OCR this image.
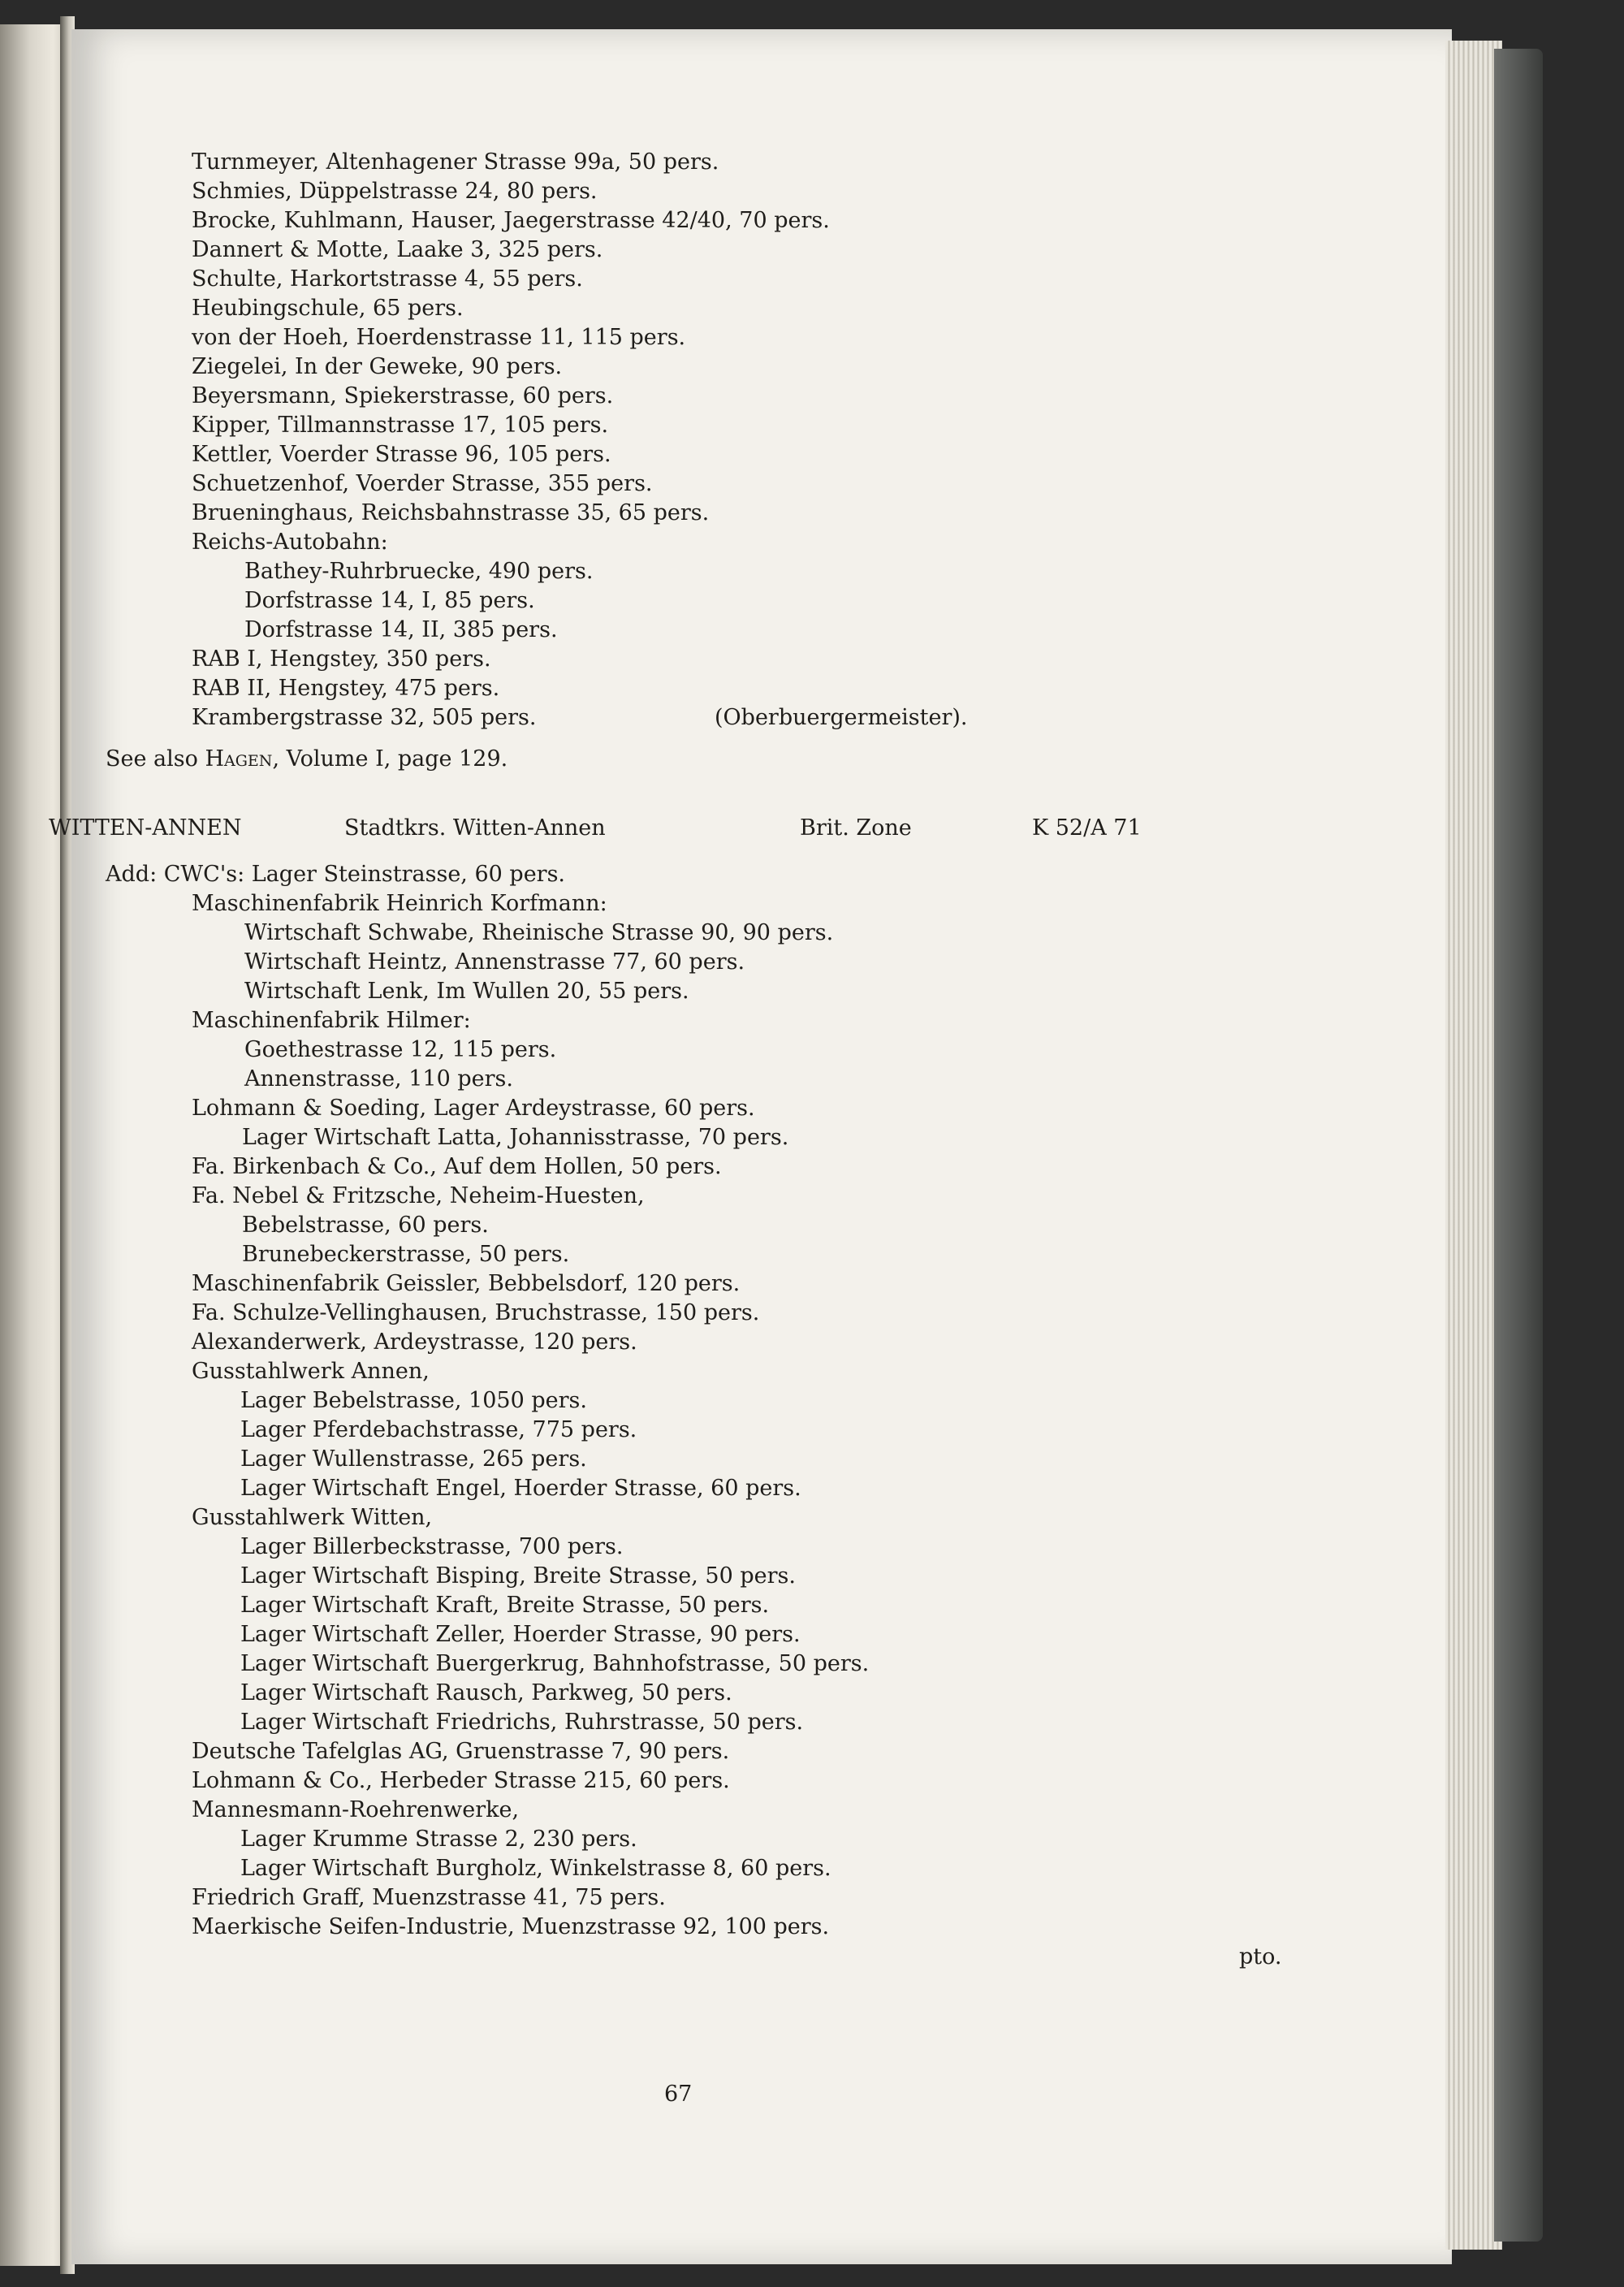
Turnmeyer, Altenhagener Strasse 99a, 50 pers.
Schmies, Düppelstrasse 24, 80 pers.
Brocke, Kuhlmann, Hauser, Jaegerstrasse 42/40, 70 pers.
Dannert & Motte, Laake 3, 325 pers.
Schulte, Harkortstrasse 4, 55 pers.
Heubingschule, 65 pers.
von der Hoeh, Hoerdenstrasse 11, 115 pers.
Ziegelei, In der Geweke, 90 pers.
Beyersmann, Spiekerstrasse, 60 pers.
Kipper, Tillmannstrasse 17, 105 pers.
Kettler, Voerder Strasse 96, 105 pers.
Schuetzenhof, Voerder Strasse, 355 pers.
Brueninghaus, Reichsbahnstrasse 35, 65 pers.
Reichs-Autobahn:
Bathey-Ruhrbruecke, 490 pers.
Dorfstrasse 14, I, 85 pers.
Dorfstrasse 14, II, 385 pers.
RAB I, Hengstey, 350 pers.
RAB II, Hengstey, 475 pers.
Krambergstrasse 32, 505 pers.	(Oberbuergermeister).
See also Hagen, Volume I, page 129.
WITTEN-ANNEN	Stadtkrs. Witten-Annen	Brit. Zone	K 52/A 71
Add: CWC's: Lager Steinstrasse, 60 pers.
Maschinenfabrik Heinrich Korfmann:
Wirtschaft Schwabe, Rheinische Strasse 90, 90 pers.
Wirtschaft Heintz, Annenstrasse 77, 60 pers.
Wirtschaft Lenk, Im Wullen 20, 55 pers.
Maschinenfabrik Hilmer:
Goethestrasse 12, 115 pers.
Annenstrasse, 110 pers.
Lohmann & Soeding, Lager Ardeystrasse, 60 pers.
Lager Wirtschaft Latta, Johannisstrasse, 70 pers.
Fa. Birkenbach & Co., Auf dem Hollen, 50 pers.
Fa. Nebel & Fritzsche, Neheim-Huesten,
Bebelstrasse, 60 pers.
Brunebeckerstrasse, 50 pers.
Maschinenfabrik Geissler, Bebbelsdorf, 120 pers.
Fa. Schulze-Vellinghausen, Bruchstrasse, 150 pers.
Alexanderwerk, Ardeystrasse, 120 pers.
Gusstahlwerk Annen,
Lager Bebelstrasse, 1050 pers.
Lager Pferdebachstrasse, 775 pers.
Lager Wullenstrasse, 265 pers.
Lager Wirtschaft Engel, Hoerder Strasse, 60 pers.
Gusstahlwerk Witten,
Lager Billerbeckstrasse, 700 pers.
Lager Wirtschaft Bisping, Breite Strasse, 50 pers.
Lager Wirtschaft Kraft, Breite Strasse, 50 pers.
Lager Wirtschaft Zeller, Hoerder Strasse, 90 pers.
Lager Wirtschaft Buergerkrug, Bahnhofstrasse, 50 pers.
Lager Wirtschaft Rausch, Parkweg, 50 pers.
Lager Wirtschaft Friedrichs, Ruhrstrasse, 50 pers.
Deutsche Tafelglas AG, Gruenstrasse 7, 90 pers.
Lohmann & Co., Herbeder Strasse 215, 60 pers.
Mannesmann-Roehrenwerke,
Lager Krumme Strasse 2, 230 pers.
Lager Wirtschaft Burgholz, Winkelstrasse 8, 60 pers.
Friedrich Graff, Muenzstrasse 41, 75 pers.
Maerkische Seifen-Industrie, Muenzstrasse 92, 100 pers.
pto.
67
